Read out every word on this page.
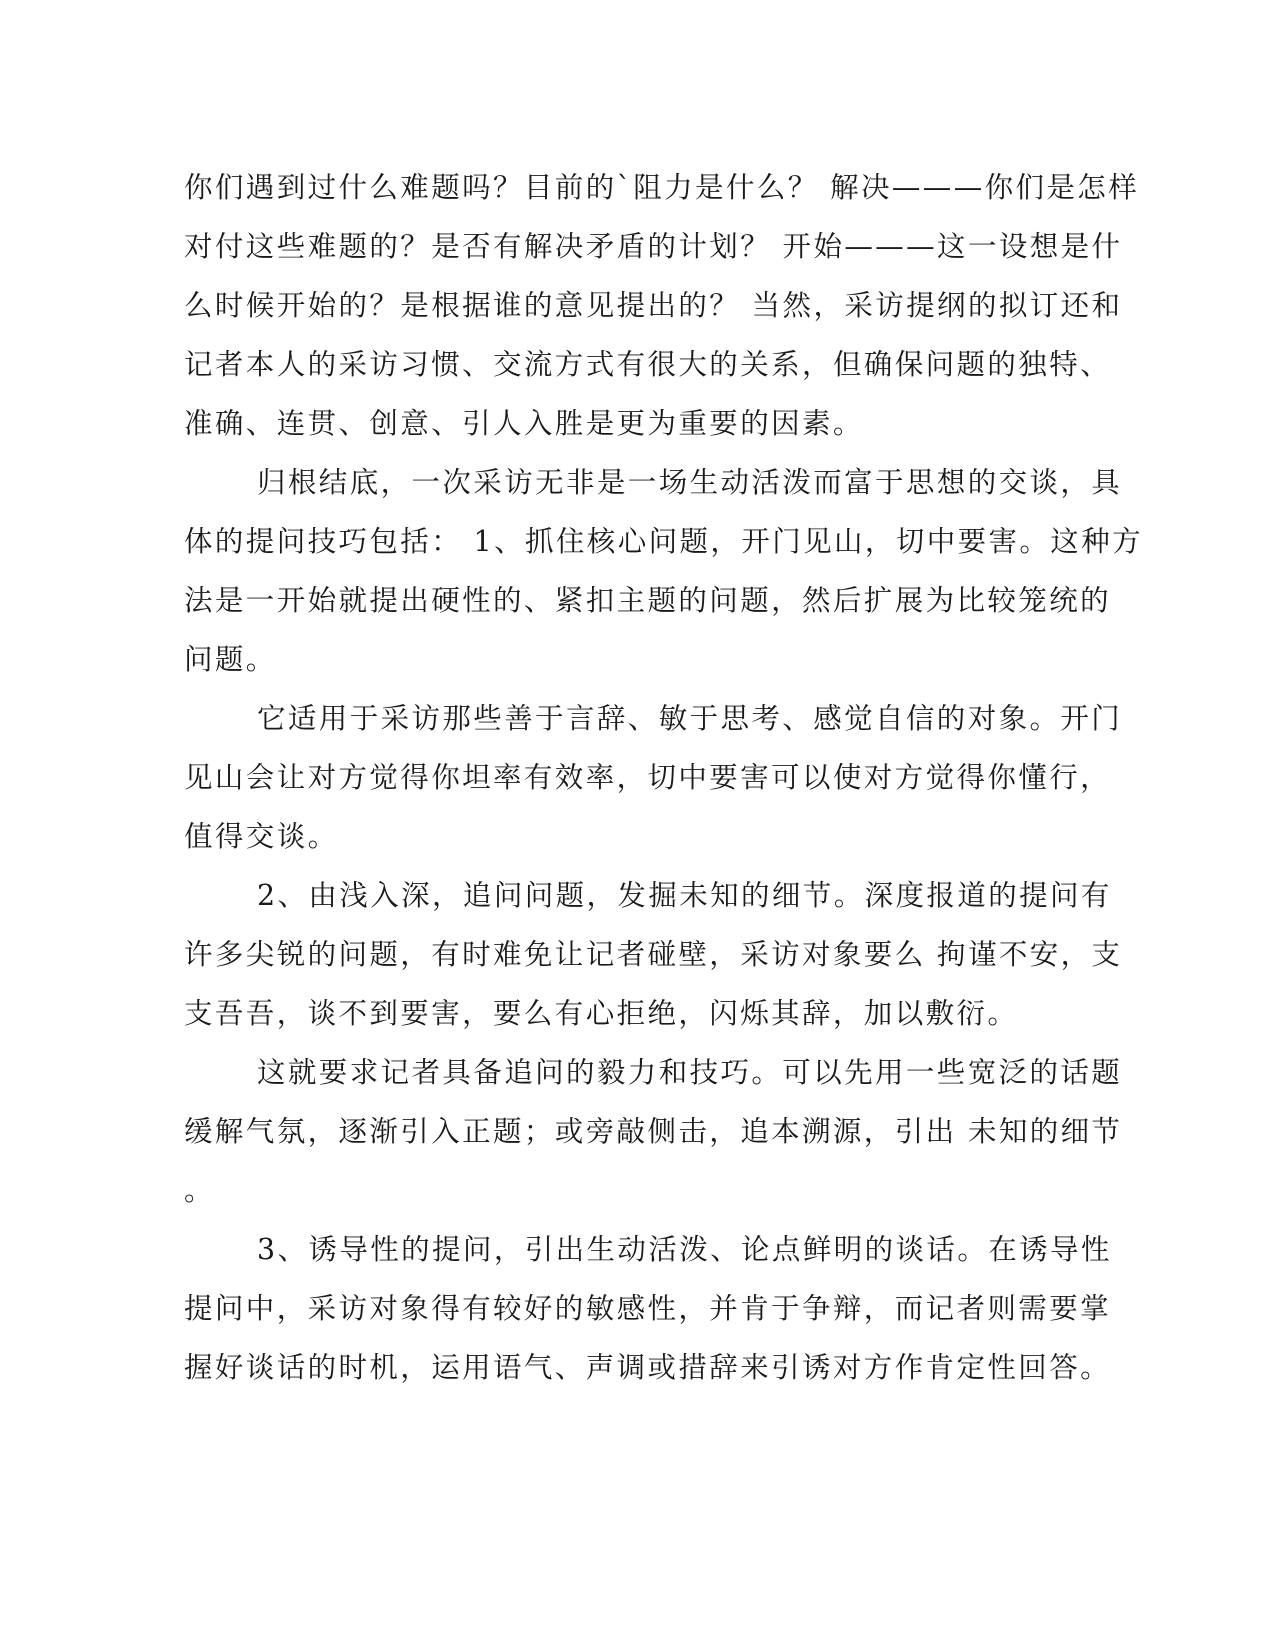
你们遇到过什么难题吗？目前的`阻力是什么？ 解决———你们是怎样
对付这些难题的？是否有解决矛盾的计划？ 开始———这一设想是什
么时候开始的？是根据谁的意见提出的？ 当然，采访提纲的拟订还和
记者本人的采访习惯、交流方式有很大的关系，但确保问题的独特、
准确、连贯、创意、引人入胜是更为重要的因素。
归根结底，一次采访无非是一场生动活泼而富于思想的交谈，具
体的提问技巧包括： 1、抓住核心问题，开门见山，切中要害。这种方
法是一开始就提出硬性的、紧扣主题的问题，然后扩展为比较笼统的
问题。
它适用于采访那些善于言辞、敏于思考、感觉自信的对象。开门
见山会让对方觉得你坦率有效率，切中要害可以使对方觉得你懂行，
值得交谈。
2、由浅入深，追问问题，发掘未知的细节。深度报道的提问有
许多尖锐的问题，有时难免让记者碰壁，采访对象要么 拘谨不安，支
支吾吾，谈不到要害，要么有心拒绝，闪烁其辞，加以敷衍。
这就要求记者具备追问的毅力和技巧。可以先用一些宽泛的话题
缓解气氛，逐渐引入正题；或旁敲侧击，追本溯源，引出 未知的细节
。
3、诱导性的提问，引出生动活泼、论点鲜明的谈话。在诱导性
提问中，采访对象得有较好的敏感性，并肯于争辩，而记者则需要掌
握好谈话的时机，运用语气、声调或措辞来引诱对方作肯定性回答。
